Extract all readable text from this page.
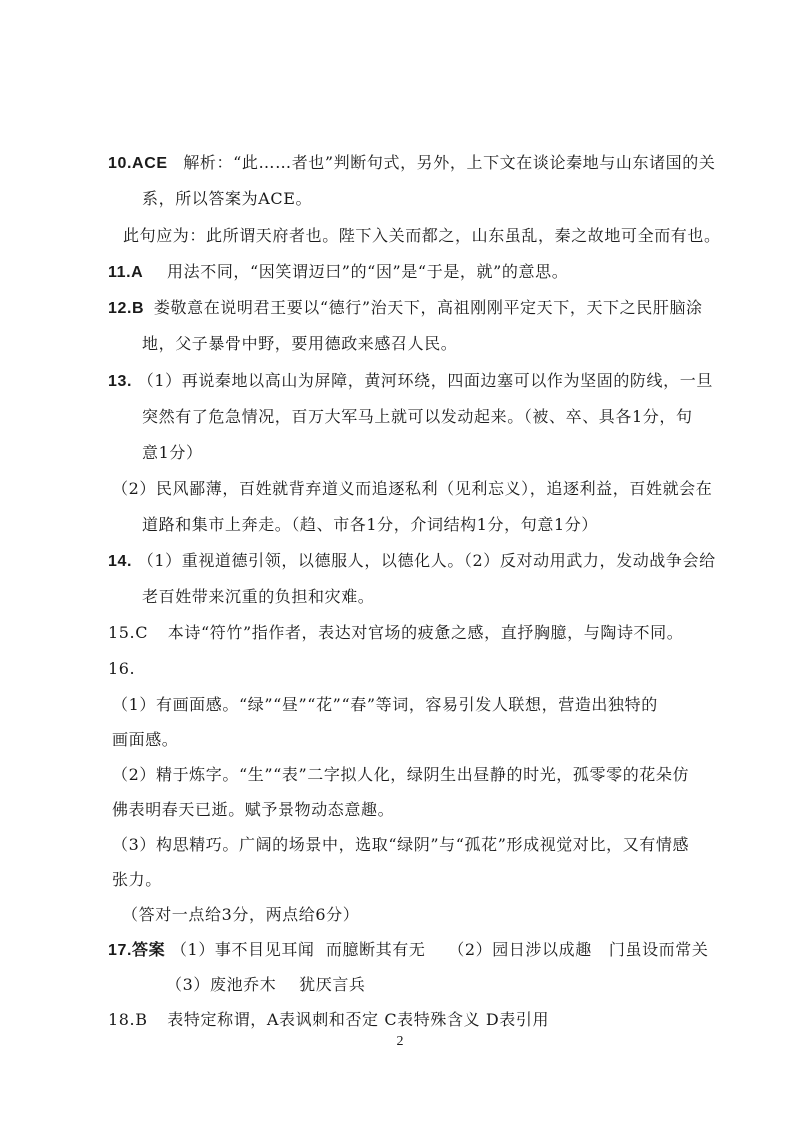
10.ACE 解析：“此……者也”判断句式，另外，上下文在谈论秦地与山东诸国的关
系，所以答案为ACE。
此句应为：此所谓天府者也。陛下入关而都之，山东虽乱，秦之故地可全而有也。
11.A 用法不同，“因笑谓迈曰”的“因”是“于是，就”的意思。
12.B 娄敬意在说明君王要以“德行”治天下，高祖刚刚平定天下，天下之民肝脑涂
地，父子暴骨中野，要用德政来感召人民。
13. （1）再说秦地以高山为屏障，黄河环绕，四面边塞可以作为坚固的防线，一旦
突然有了危急情况，百万大军马上就可以发动起来。（被、卒、具各1分，句
意1分）
（2）民风鄙薄，百姓就背弃道义而追逐私利（见利忘义），追逐利益，百姓就会在
道路和集市上奔走。（趋、市各1分，介词结构1分，句意1分）
14. （1）重视道德引领，以德服人，以德化人。（2）反对动用武力，发动战争会给
老百姓带来沉重的负担和灾难。
15.C 本诗“符竹”指作者，表达对官场的疲惫之感，直抒胸臆，与陶诗不同。
16.
（1）有画面感。“绿”“昼”“花”“春”等词，容易引发人联想，营造出独特的
画面感。
（2）精于炼字。“生”“表”二字拟人化，绿阴生出昼静的时光，孤零零的花朵仿
佛表明春天已逝。赋予景物动态意趣。
（3）构思精巧。广阔的场景中，选取“绿阴”与“孤花”形成视觉对比，又有情感
张力。
（答对一点给3分，两点给6分）
17.答案 （1）事不目见耳闻  而臆断其有无    （2）园日涉以成趣   门虽设而常关
（3）废池乔木    犹厌言兵
18.B 表特定称谓，A表讽刺和否定 C表特殊含义 D表引用
2
